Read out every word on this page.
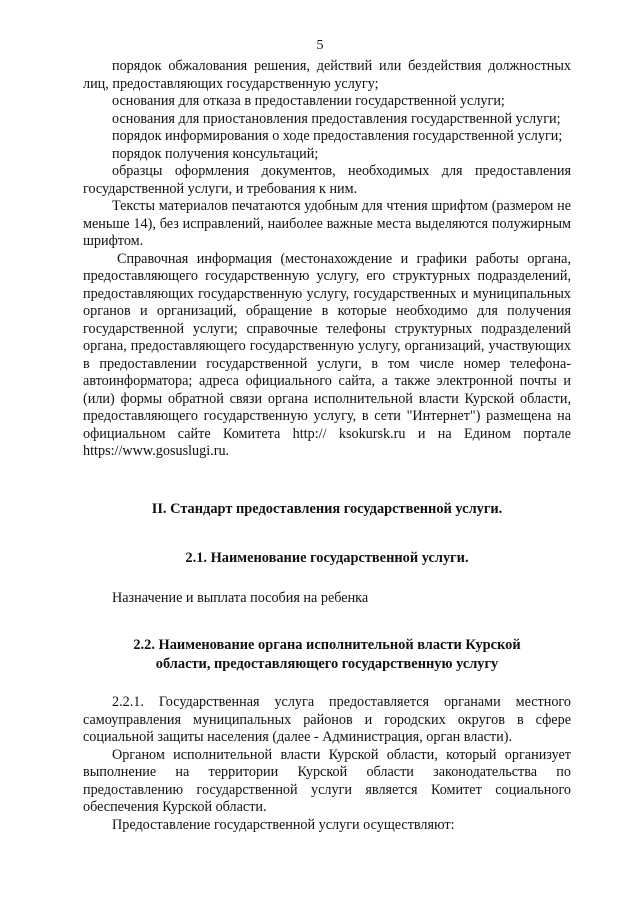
5

порядок обжалования решения, действий или бездействия должностных лиц, предоставляющих государственную услугу;

основания для отказа в предоставлении государственной услуги;

основания для приостановления предоставления государственной услуги;

порядок информирования о ходе предоставления государственной услуги;

порядок получения консультаций;

образцы оформления документов, необходимых для предоставления государственной услуги, и требования к ним.

Тексты материалов печатаются удобным для чтения шрифтом (размером не меньше 14), без исправлений, наиболее важные места выделяются полужирным шрифтом.

Справочная информация (местонахождение и графики работы органа, предоставляющего государственную услугу, его структурных подразделений, предоставляющих государственную услугу, государственных и муниципальных органов и организаций, обращение в которые необходимо для получения государственной услуги; справочные телефоны структурных подразделений органа, предоставляющего государственную услугу, организаций, участвующих в предоставлении государственной услуги, в том числе номер телефона-автоинформатора; адреса официального сайта, а также электронной почты и (или) формы обратной связи органа исполнительной власти Курской области, предоставляющего государственную услугу, в сети "Интернет") размещена на официальном сайте Комитета http:// ksokursk.ru и на Едином портале https://www.gosuslugi.ru.

II. Стандарт предоставления государственной услуги.
2.1. Наименование государственной услуги.

Назначение и выплата пособия на ребенка

2.2. Наименование органа исполнительной власти Курской
области, предоставляющего государственную услугу

2.2.1. Государственная услуга предоставляется органами местного самоуправления муниципальных районов и городских округов в сфере социальной защиты населения (далее - Администрация, орган власти).

Органом исполнительной власти Курской области, который организует выполнение на территории Курской области законодательства по предоставлению государственной услуги является Комитет социального обеспечения Курской области.

Предоставление государственной услуги осуществляют:
